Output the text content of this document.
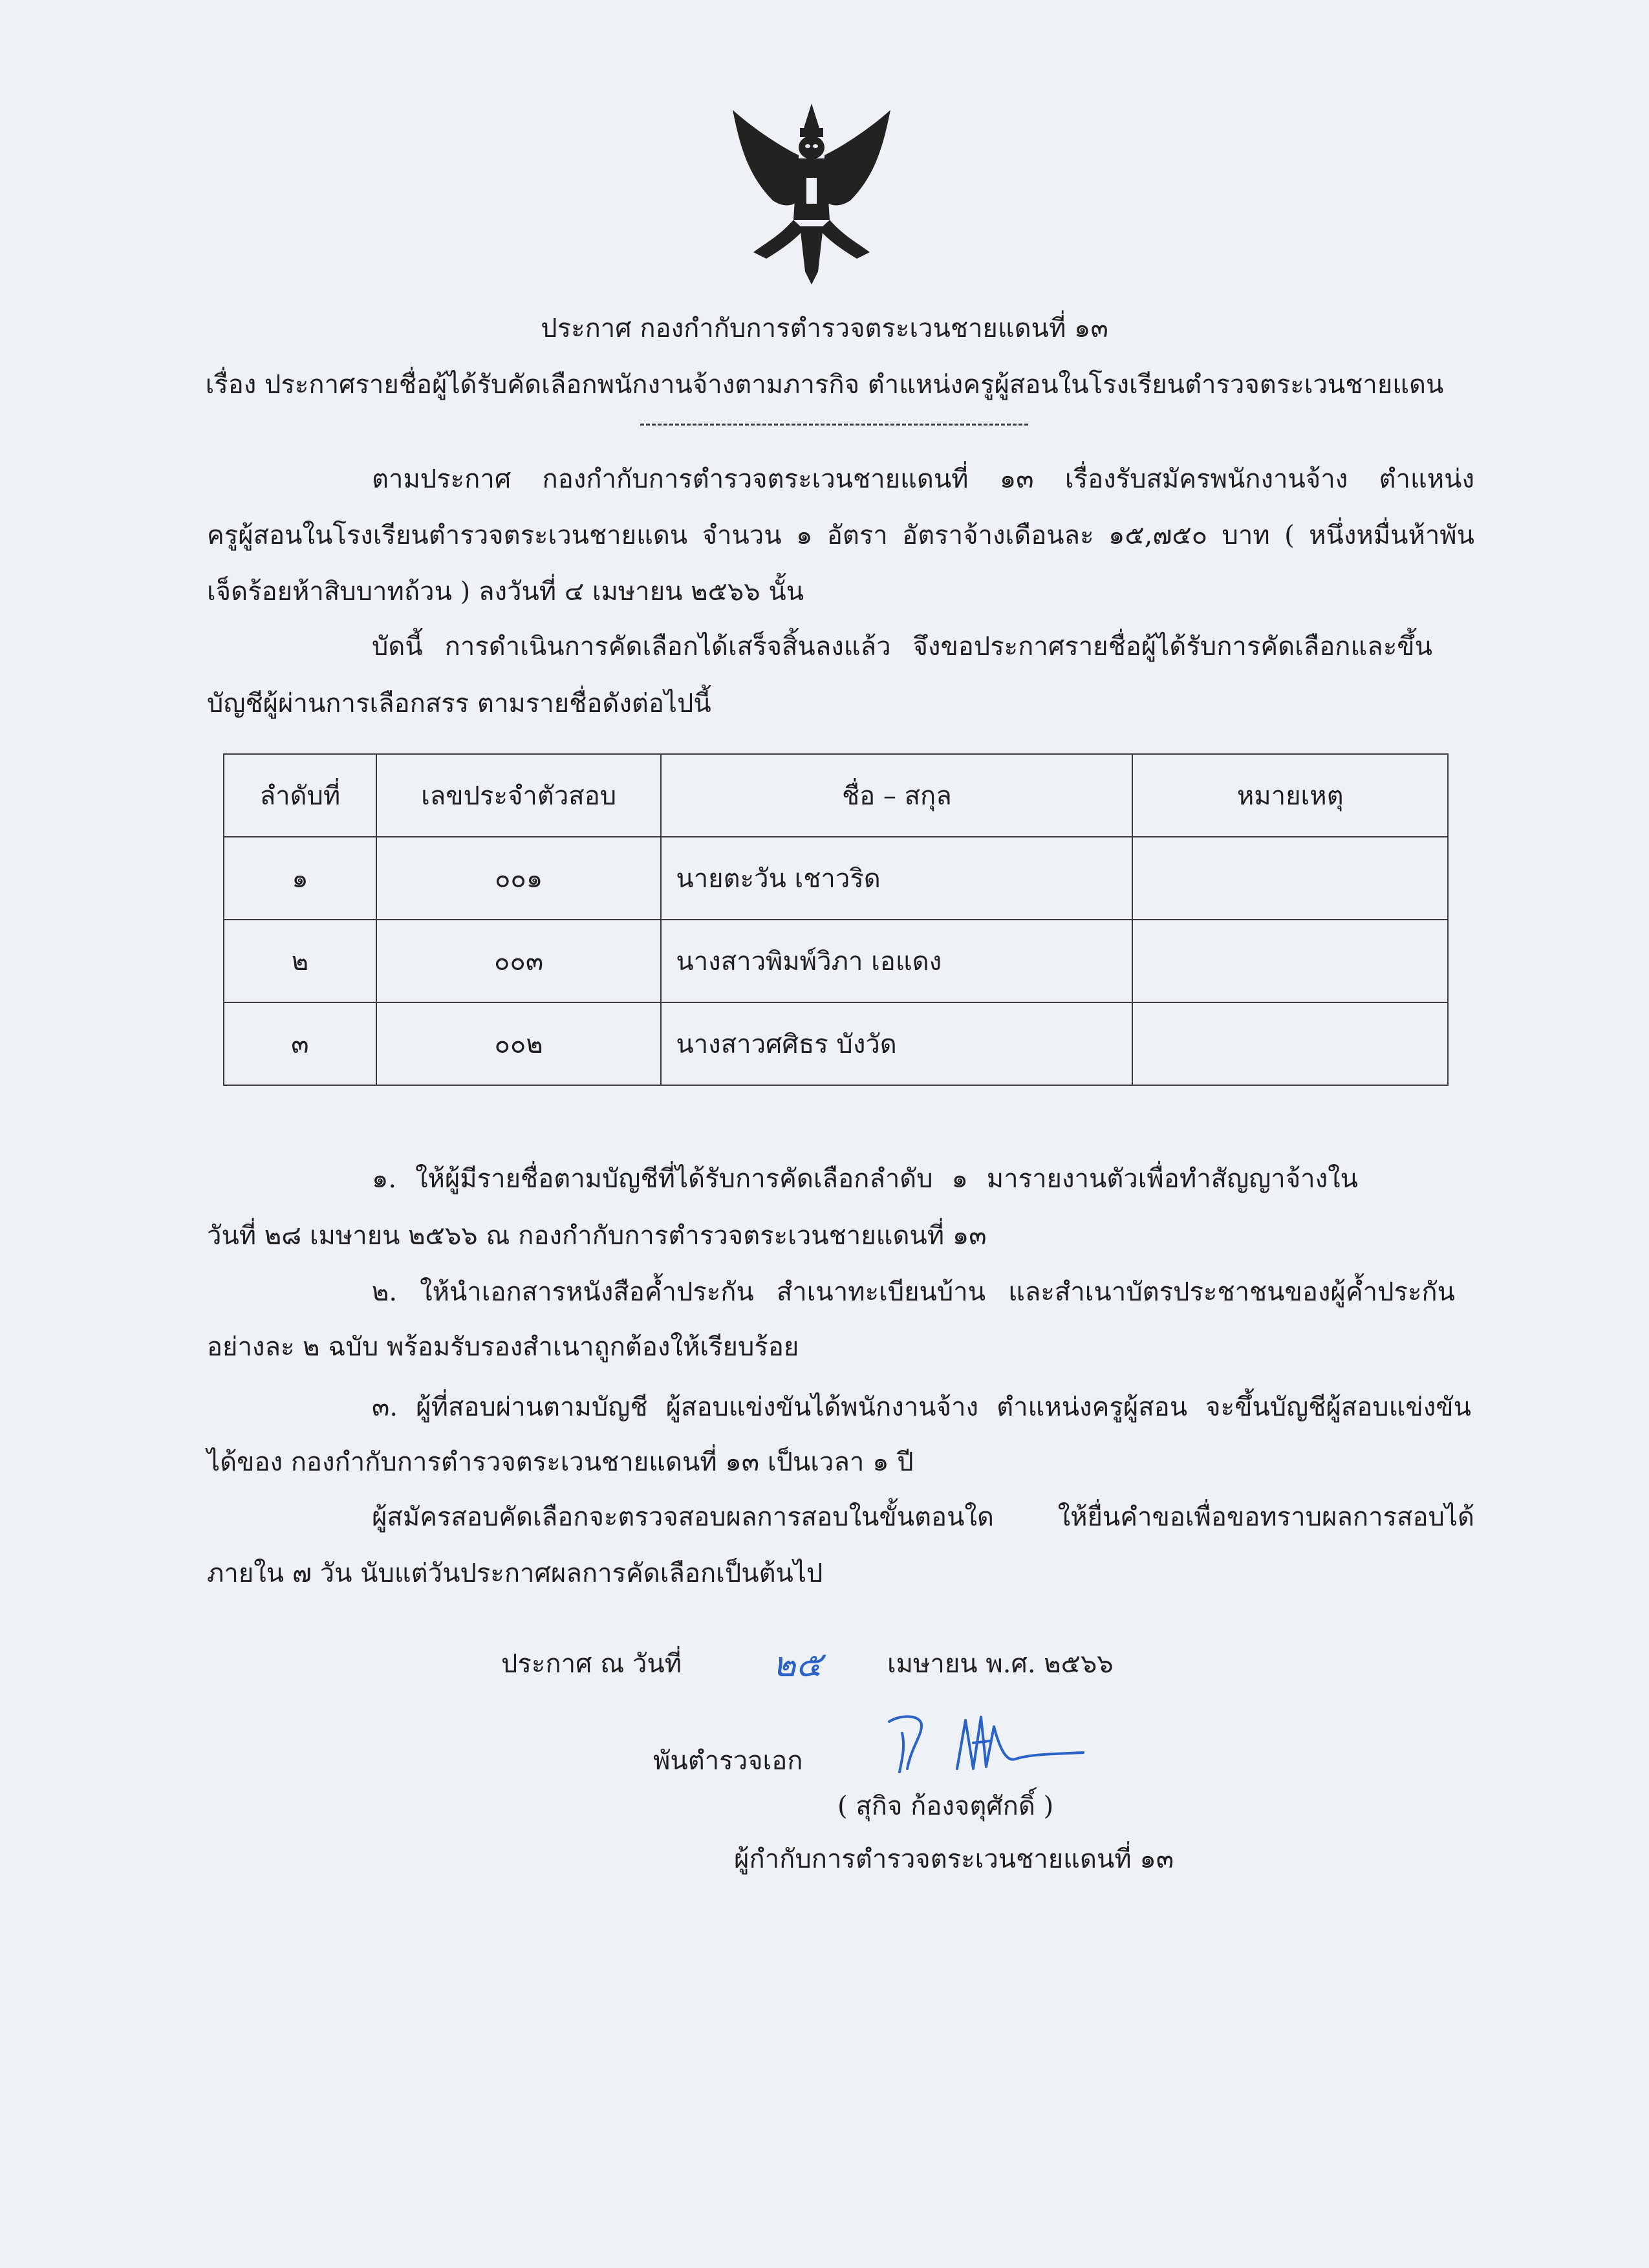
ประกาศ กองกำกับการตำรวจตระเวนชายแดนที่ ๑๓
เรื่อง ประกาศรายชื่อผู้ได้รับคัดเลือกพนักงานจ้างตามภารกิจ ตำแหน่งครูผู้สอนในโรงเรียนตำรวจตระเวนชายแดน
ตามประกาศ กองกำกับการตำรวจตระเวนชายแดนที่ ๑๓ เรื่องรับสมัครพนักงานจ้าง ตำแหน่ง
ครูผู้สอนในโรงเรียนตำรวจตระเวนชายแดน จำนวน ๑ อัตรา อัตราจ้างเดือนละ ๑๕,๗๕๐ บาท ( หนึ่งหมื่นห้าพัน
เจ็ดร้อยห้าสิบบาทถ้วน ) ลงวันที่ ๔ เมษายน ๒๕๖๖ นั้น
บัดนี้ การดำเนินการคัดเลือกได้เสร็จสิ้นลงแล้ว จึงขอประกาศรายชื่อผู้ได้รับการคัดเลือกและขึ้น
บัญชีผู้ผ่านการเลือกสรร ตามรายชื่อดังต่อไปนี้
ลำดับที่	เลขประจำตัวสอบ	ชื่อ – สกุล	หมายเหตุ
๑	๐๐๑	นายตะวัน เชาวริด	
๒	๐๐๓	นางสาวพิมพ์วิภา เอแดง	
๓	๐๐๒	นางสาวศศิธร บังวัด	
๑. ให้ผู้มีรายชื่อตามบัญชีที่ได้รับการคัดเลือกลำดับ ๑ มารายงานตัวเพื่อทำสัญญาจ้างใน
วันที่ ๒๘ เมษายน ๒๕๖๖ ณ กองกำกับการตำรวจตระเวนชายแดนที่ ๑๓
๒. ให้นำเอกสารหนังสือค้ำประกัน สำเนาทะเบียนบ้าน และสำเนาบัตรประชาชนของผู้ค้ำประกัน
อย่างละ ๒ ฉบับ พร้อมรับรองสำเนาถูกต้องให้เรียบร้อย
๓. ผู้ที่สอบผ่านตามบัญชี ผู้สอบแข่งขันได้พนักงานจ้าง ตำแหน่งครูผู้สอน จะขึ้นบัญชีผู้สอบแข่งขัน
ได้ของ กองกำกับการตำรวจตระเวนชายแดนที่ ๑๓ เป็นเวลา ๑ ปี
ผู้สมัครสอบคัดเลือกจะตรวจสอบผลการสอบในขั้นตอนใด ให้ยื่นคำขอเพื่อขอทราบผลการสอบได้
ภายใน ๗ วัน นับแต่วันประกาศผลการคัดเลือกเป็นต้นไป
ประกาศ ณ วันที่	๒๕	เมษายน พ.ศ. ๒๕๖๖
พันตำรวจเอก
( สุกิจ ก้องจตุศักดิ์ )
ผู้กำกับการตำรวจตระเวนชายแดนที่ ๑๓
